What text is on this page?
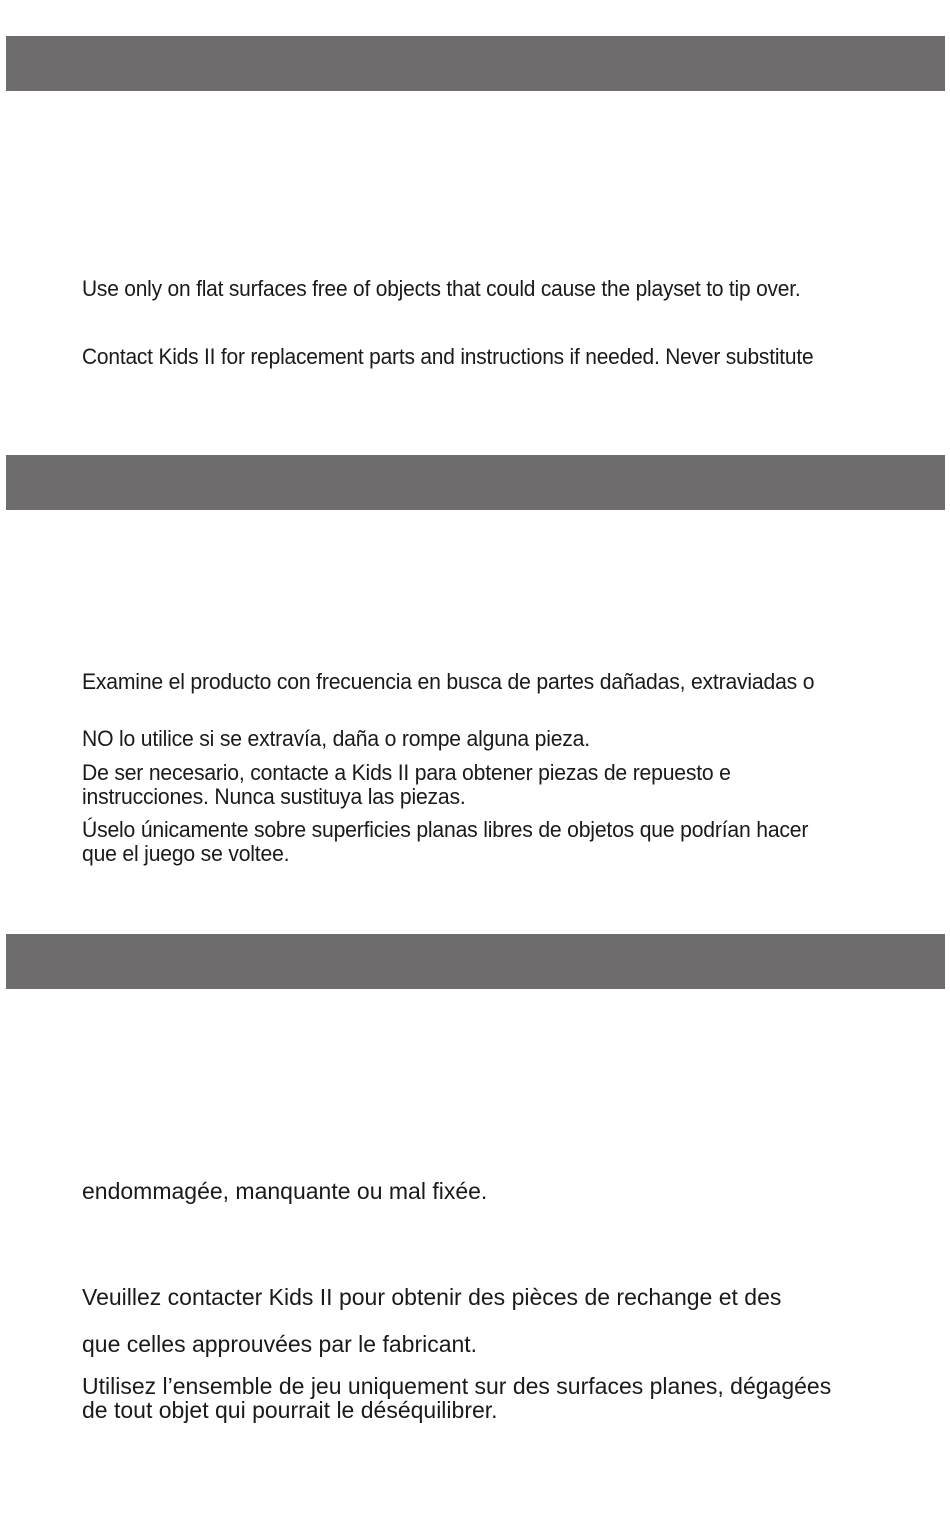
Use only on flat surfaces free of objects that could cause the playset to tip over.

Contact Kids II for replacement parts and instructions if needed. Never substitute

Examine el producto con frecuencia en busca de partes dañadas, extraviadas o

NO lo utilice si se extravía, daña o rompe alguna pieza.

De ser necesario, contacte a Kids II para obtener piezas de repuesto e

instrucciones. Nunca sustituya las piezas.

Úselo únicamente sobre superficies planas libres de objetos que podrían hacer

que el juego se voltee.

endommagée, manquante ou mal fixée.

Veuillez contacter Kids II pour obtenir des pièces de rechange et des

que celles approuvées par le fabricant.

Utilisez l’ensemble de jeu uniquement sur des surfaces planes, dégagées

de tout objet qui pourrait le déséquilibrer.
